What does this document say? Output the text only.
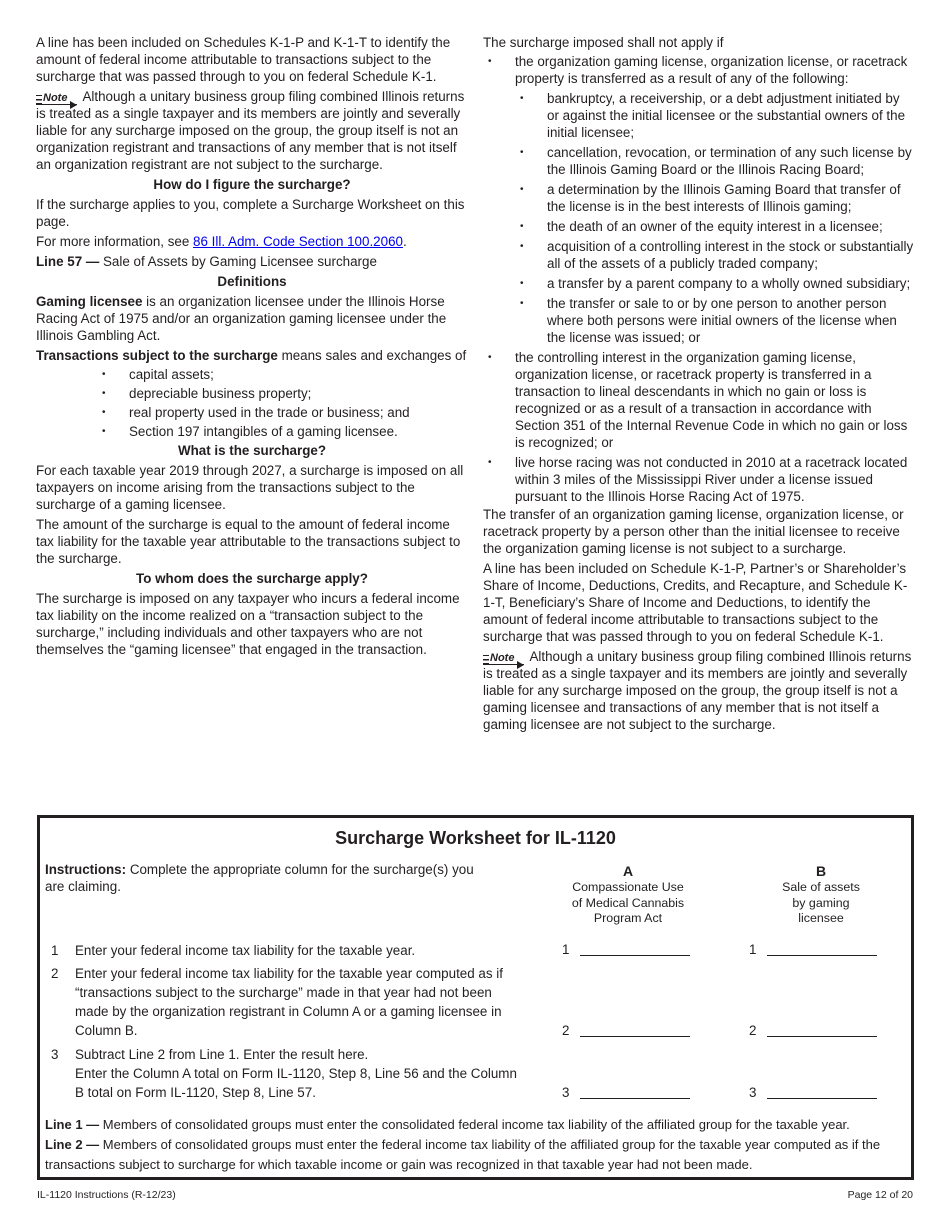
A line has been included on Schedules K-1-P and K-1-T to identify the amount of federal income attributable to transactions subject to the surcharge that was passed through to you on federal Schedule K-1.

Note Although a unitary business group filing combined Illinois returns is treated as a single taxpayer and its members are jointly and severally liable for any surcharge imposed on the group, the group itself is not an organization registrant and transactions of any member that is not itself an organization registrant are not subject to the surcharge.

How do I figure the surcharge?

If the surcharge applies to you, complete a Surcharge Worksheet on this page.

For more information, see 86 Ill. Adm. Code Section 100.2060.

Line 57 — Sale of Assets by Gaming Licensee surcharge

Definitions

Gaming licensee is an organization licensee under the Illinois Horse Racing Act of 1975 and/or an organization gaming licensee under the Illinois Gambling Act.

Transactions subject to the surcharge means sales and exchanges of

• capital assets;
• depreciable business property;
• real property used in the trade or business; and
• Section 197 intangibles of a gaming licensee.
What is the surcharge?

For each taxable year 2019 through 2027, a surcharge is imposed on all taxpayers on income arising from the transactions subject to the surcharge of a gaming licensee.

The amount of the surcharge is equal to the amount of federal income tax liability for the taxable year attributable to the transactions subject to the surcharge.

To whom does the surcharge apply?

The surcharge is imposed on any taxpayer who incurs a federal income tax liability on the income realized on a “transaction subject to the surcharge,” including individuals and other taxpayers who are not themselves the “gaming licensee” that engaged in the transaction.

The surcharge imposed shall not apply if

• the organization gaming license, organization license, or racetrack property is transferred as a result of any of the following:
• bankruptcy, a receivership, or a debt adjustment initiated by or against the initial licensee or the substantial owners of the initial licensee;
• cancellation, revocation, or termination of any such license by the Illinois Gaming Board or the Illinois Racing Board;
• a determination by the Illinois Gaming Board that transfer of the license is in the best interests of Illinois gaming;
• the death of an owner of the equity interest in a licensee;
• acquisition of a controlling interest in the stock or substantially all of the assets of a publicly traded company;
• a transfer by a parent company to a wholly owned subsidiary;
• the transfer or sale to or by one person to another person where both persons were initial owners of the license when the license was issued; or
• the controlling interest in the organization gaming license, organization license, or racetrack property is transferred in a transaction to lineal descendants in which no gain or loss is recognized or as a result of a transaction in accordance with Section 351 of the Internal Revenue Code in which no gain or loss is recognized; or
• live horse racing was not conducted in 2010 at a racetrack located within 3 miles of the Mississippi River under a license issued pursuant to the Illinois Horse Racing Act of 1975.

The transfer of an organization gaming license, organization license, or racetrack property by a person other than the initial licensee to receive the organization gaming license is not subject to a surcharge.

A line has been included on Schedule K-1-P, Partner’s or Shareholder’s Share of Income, Deductions, Credits, and Recapture, and Schedule K-1-T, Beneficiary’s Share of Income and Deductions, to identify the amount of federal income attributable to transactions subject to the surcharge that was passed through to you on federal Schedule K-1.

Note Although a unitary business group filing combined Illinois returns is treated as a single taxpayer and its members are jointly and severally liable for any surcharge imposed on the group, the group itself is not a gaming licensee and transactions of any member that is not itself a gaming licensee are not subject to the surcharge.

Surcharge Worksheet for IL-1120
Instructions: Complete the appropriate column for the surcharge(s) you are claiming.
A
Compassionate Use
of Medical Cannabis
Program Act
B
Sale of assets
by gaming
licensee
1 Enter your federal income tax liability for the taxable year.	1	1
2 Enter your federal income tax liability for the taxable year computed as if “transactions subject to the surcharge” made in that year had not been made by the organization registrant in Column A or a gaming licensee in Column B.	2	2
3 Subtract Line 2 from Line 1. Enter the result here.
Enter the Column A total on Form IL-1120, Step 8, Line 56 and the Column B total on Form IL-1120, Step 8, Line 57.	3	3
Line 1 — Members of consolidated groups must enter the consolidated federal income tax liability of the affiliated group for the taxable year.
Line 2 — Members of consolidated groups must enter the federal income tax liability of the affiliated group for the taxable year computed as if the transactions subject to surcharge for which taxable income or gain was recognized in that taxable year had not been made.
IL-1120 Instructions (R-12/23)	Page 12 of 20
